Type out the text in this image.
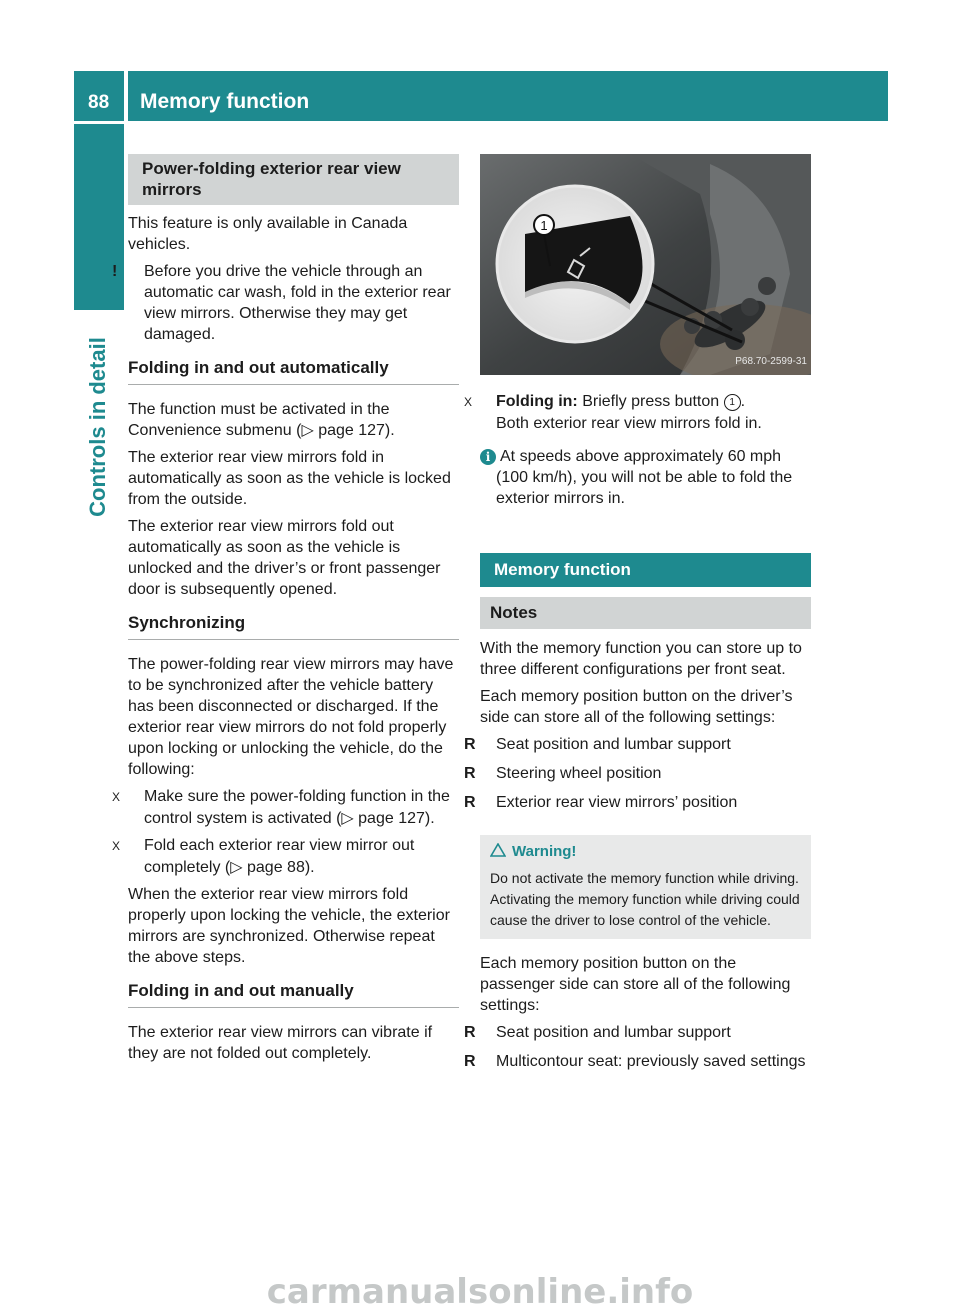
88 Memory function
Controls in detail
Power-folding exterior rear view mirrors

This feature is only available in Canada vehicles.

! Before you drive the vehicle through an automatic car wash, fold in the exterior rear view mirrors. Otherwise they may get damaged.

Folding in and out automatically

The function must be activated in the Convenience submenu (▷ page 127).

The exterior rear view mirrors fold in automatically as soon as the vehicle is locked from the outside.

The exterior rear view mirrors fold out automatically as soon as the vehicle is unlocked and the driver’s or front passenger door is subsequently opened.

Synchronizing

The power-folding rear view mirrors may have to be synchronized after the vehicle battery has been disconnected or discharged. If the exterior rear view mirrors do not fold properly upon locking or unlocking the vehicle, do the following:

X Make sure the power-folding function in the control system is activated (▷ page 127).

X Fold each exterior rear view mirror out completely (▷ page 88).

When the exterior rear view mirrors fold properly upon locking the vehicle, the exterior mirrors are synchronized. Otherwise repeat the above steps.

Folding in and out manually

The exterior rear view mirrors can vibrate if they are not folded out completely.

1
P68.70-2599-31

X Folding in: Briefly press button 1 .
Both exterior rear view mirrors fold in.

i At speeds above approximately 60 mph (100 km/h), you will not be able to fold the exterior mirrors in.

Memory function
Notes

With the memory function you can store up to three different configurations per front seat.

Each memory position button on the driver’s side can store all of the following settings:

R Seat position and lumbar support

R Steering wheel position

R Exterior rear view mirrors’ position

Warning!
Do not activate the memory function while driving. Activating the memory function while driving could cause the driver to lose control of the vehicle.

Each memory position button on the passenger side can store all of the following settings:

R Seat position and lumbar support

R Multicontour seat: previously saved settings

carmanualsonline.info
